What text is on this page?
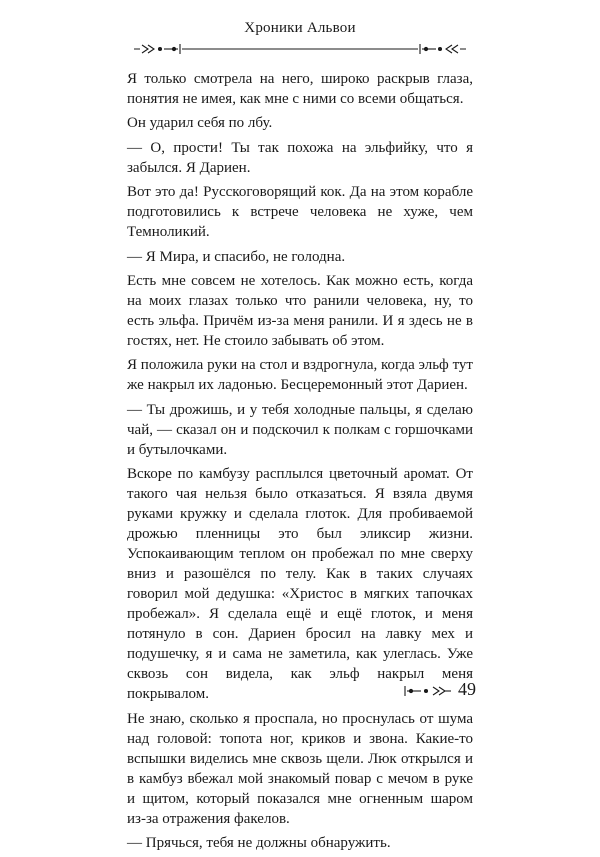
Хроники Альвои

Я только смотрела на него, широко раскрыв глаза, понятия не имея, как мне с ними со всеми общаться.

Он ударил себя по лбу.

— О, прости! Ты так похожа на эльфийку, что я забылся. Я Дариен.

Вот это да! Русскоговорящий кок. Да на этом корабле подготовились к встрече человека не хуже, чем Темноликий.

— Я Мира, и спасибо, не голодна.

Есть мне совсем не хотелось. Как можно есть, когда на моих глазах только что ранили человека, ну, то есть эльфа. Причём из-за меня ранили. И я здесь не в гостях, нет. Не стоило забывать об этом.

Я положила руки на стол и вздрогнула, когда эльф тут же накрыл их ладонью. Бесцеремонный этот Дариен.

— Ты дрожишь, и у тебя холодные пальцы, я сделаю чай, — сказал он и подскочил к полкам с горшочками и бутылочками.

Вскоре по камбузу расплылся цветочный аромат. От такого чая нельзя было отказаться. Я взяла двумя руками кружку и сделала глоток. Для пробиваемой дрожью пленницы это был эликсир жизни. Успокаивающим теплом он пробежал по мне сверху вниз и разошёлся по телу. Как в таких случаях говорил мой дедушка: «Христос в мягких тапочках пробежал». Я сделала ещё и ещё глоток, и меня потянуло в сон. Дариен бросил на лавку мех и подушечку, я и сама не заметила, как улеглась. Уже сквозь сон видела, как эльф накрыл меня покрывалом.

Не знаю, сколько я проспала, но проснулась от шума над головой: топота ног, криков и звона. Какие-то вспышки виделись мне сквозь щели. Люк открылся и в камбуз вбежал мой знакомый повар с мечом в руке и щитом, который показался мне огненным шаром из-за отражения факелов.

— Прячься, тебя не должны обнаружить.

49
